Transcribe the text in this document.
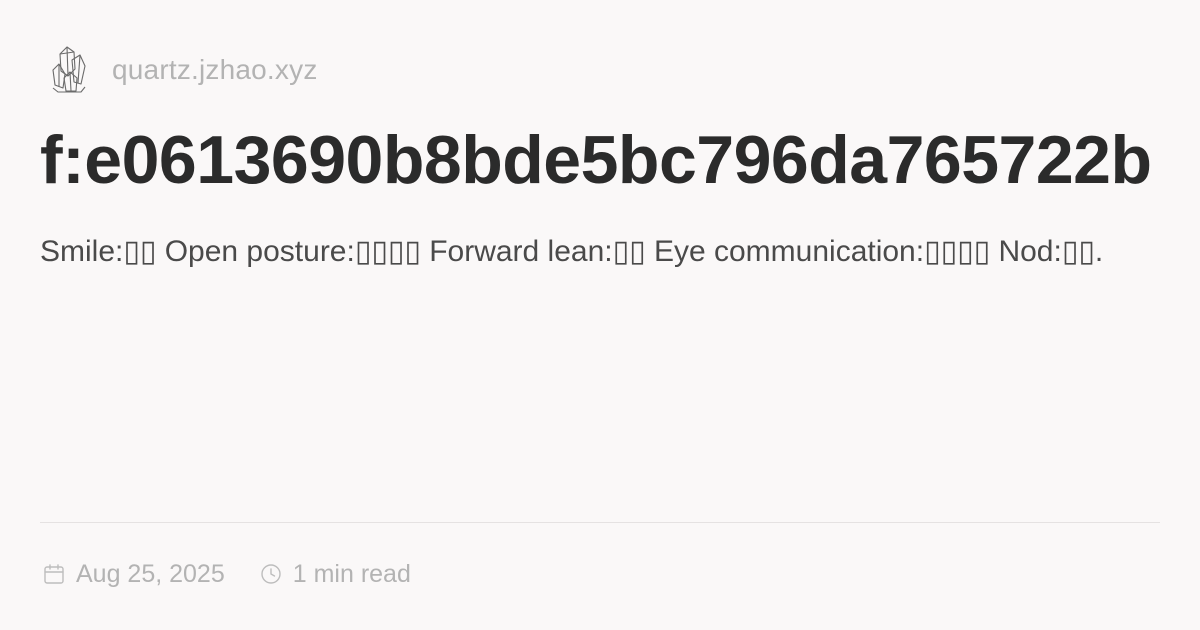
quartz.jzhao.xyz
f:e0613690b8bde5bc796da765722b

Smile:▯▯ Open posture:▯▯▯▯ Forward lean:▯▯ Eye communication:▯▯▯▯ Nod:▯▯.

Aug 25, 2025	1 min read
